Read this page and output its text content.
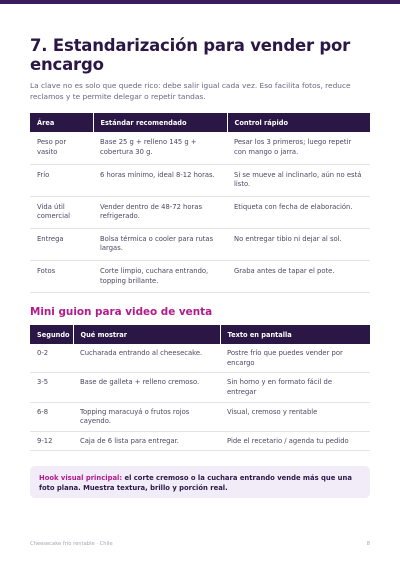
7. Estandarización para vender por encargo

La clave no es solo que quede rico: debe salir igual cada vez. Eso facilita fotos, reduce reclamos y te permite delegar o repetir tandas.

Área	Estándar recomendado	Control rápido
Peso por vasito	Base 25 g + relleno 145 g + cobertura 30 g.	Pesar los 3 primeros; luego repetir con mango o jarra.
Frío	6 horas mínimo, ideal 8-12 horas.	Si se mueve al inclinarlo, aún no está listo.
Vida útil comercial	Vender dentro de 48-72 horas refrigerado.	Etiqueta con fecha de elaboración.
Entrega	Bolsa térmica o cooler para rutas largas.	No entregar tibio ni dejar al sol.
Fotos	Corte limpio, cuchara entrando, topping brillante.	Graba antes de tapar el pote.
Mini guion para video de venta
Segundo	Qué mostrar	Texto en pantalla
0-2	Cucharada entrando al cheesecake.	Postre frío que puedes vender por encargo
3-5	Base de galleta + relleno cremoso.	Sin horno y en formato fácil de entregar
6-8	Topping maracuyá o frutos rojos cayendo.	Visual, cremoso y rentable
9-12	Caja de 6 lista para entregar.	Pide el recetario / agenda tu pedido
Hook visual principal: el corte cremoso o la cuchara entrando vende más que una foto plana. Muestra textura, brillo y porción real.
Cheesecake frío rentable · Chile	8
